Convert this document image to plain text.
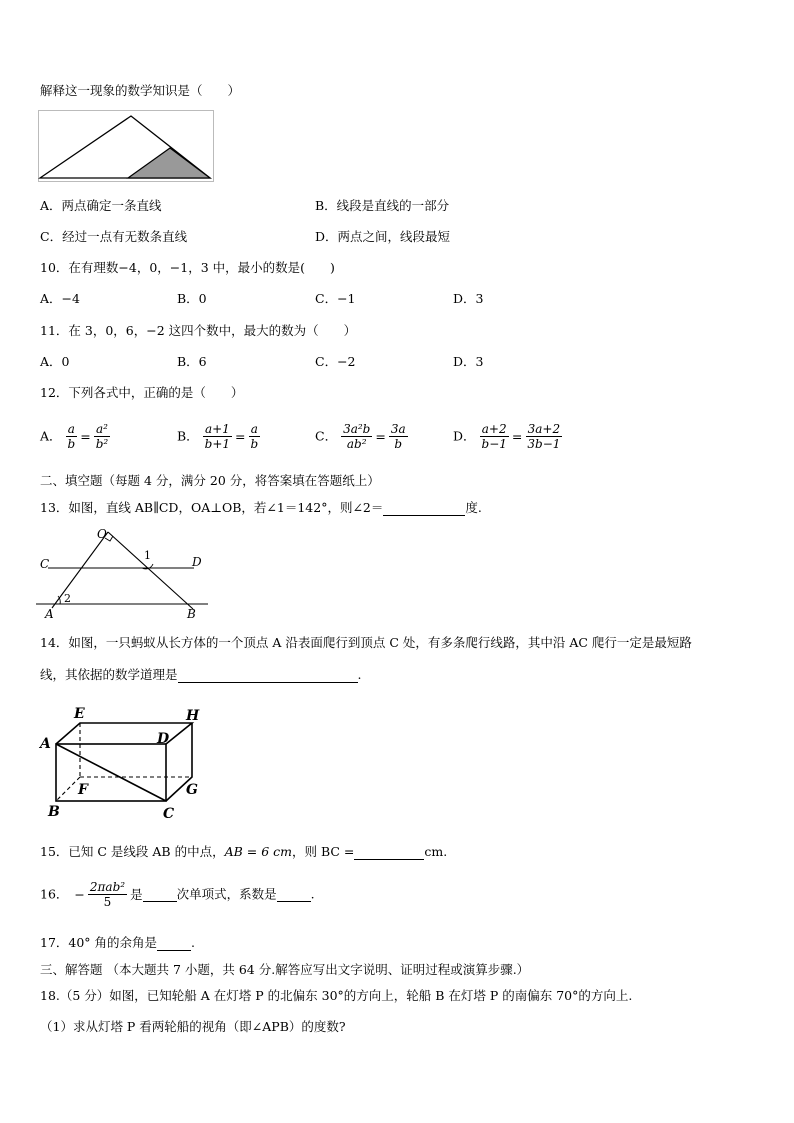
解释这一现象的数学知识是（　　）
A．两点确定一条直线	B．线段是直线的一部分
C．经过一点有无数条直线	D．两点之间，线段最短
10．在有理数−4，0，−1，3 中，最小的数是(　　)
A．−4	B．0	C．−1	D．3
11．在 3，0，6，−2 这四个数中，最大的数为（　　）
A．0	B．6	C．−2	D．3
12．下列各式中，正确的是（　　）
A． $\frac{a}{b} = \frac{\text{a²}}{\text{b²}}$	B． $\frac{a+1}{b+1} = \frac{a}{b}$	C． $\frac{\text{3a²b}}{\text{ab²}} = \frac{3a}{b}$	D． $\frac{a+2}{b-1} = \frac{3a+2}{3b-1}$
二、填空题（每题 4 分，满分 20 分，将答案填在答题纸上）
13．如图，直线 AB∥CD，OA⊥OB，若∠1＝142°，则∠2＝	度.
O
C	D
A	B
1
2
14．如图，一只蚂蚁从长方体的一个顶点 A 沿表面爬行到顶点 C 处，有多条爬行线路，其中沿 AC 爬行一定是最短路
线，其依据的数学道理是	.
E	H
A	D
F	G
B	C
15．已知 C 是线段 AB 的中点，AB = 6 cm，则 BC =	cm.
16． − $\frac{\text{2πab²}}{5}$ 是	次单项式，系数是	.
17．40° 角的余角是	.
三、解答题 （本大题共 7 小题，共 64 分.解答应写出文字说明、证明过程或演算步骤.）
18.（5 分）如图，已知轮船 A 在灯塔 P 的北偏东 30°的方向上，轮船 B 在灯塔 P 的南偏东 70°的方向上.
（1）求从灯塔 P 看两轮船的视角（即∠APB）的度数?
